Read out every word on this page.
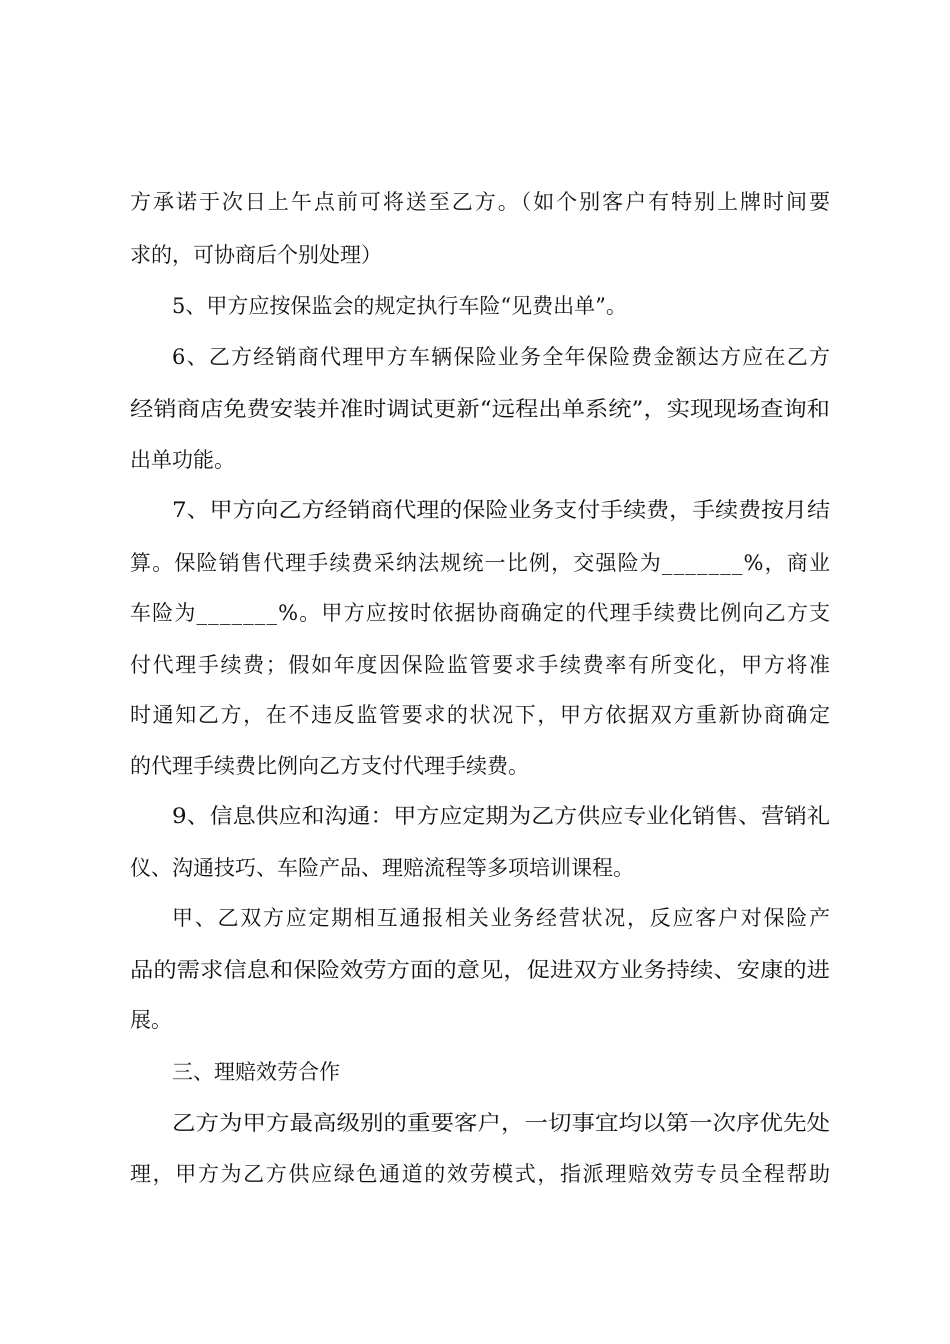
方承诺于次日上午点前可将送至乙方。（如个别客户有特别上牌时间要
求的，可协商后个别处理）
5、甲方应按保监会的规定执行车险“见费出单”。
6、乙方经销商代理甲方车辆保险业务全年保险费金额达方应在乙方
经销商店免费安装并准时调试更新“远程出单系统”，实现现场查询和
出单功能。
7、甲方向乙方经销商代理的保险业务支付手续费，手续费按月结
算。保险销售代理手续费采纳法规统一比例，交强险为_______%，商业
车险为_______%。甲方应按时依据协商确定的代理手续费比例向乙方支
付代理手续费；假如年度因保险监管要求手续费率有所变化，甲方将准
时通知乙方，在不违反监管要求的状况下，甲方依据双方重新协商确定
的代理手续费比例向乙方支付代理手续费。
9、信息供应和沟通：甲方应定期为乙方供应专业化销售、营销礼
仪、沟通技巧、车险产品、理赔流程等多项培训课程。
甲、乙双方应定期相互通报相关业务经营状况，反应客户对保险产
品的需求信息和保险效劳方面的意见，促进双方业务持续、安康的进
展。
三、理赔效劳合作
乙方为甲方最高级别的重要客户，一切事宜均以第一次序优先处
理，甲方为乙方供应绿色通道的效劳模式，指派理赔效劳专员全程帮助
